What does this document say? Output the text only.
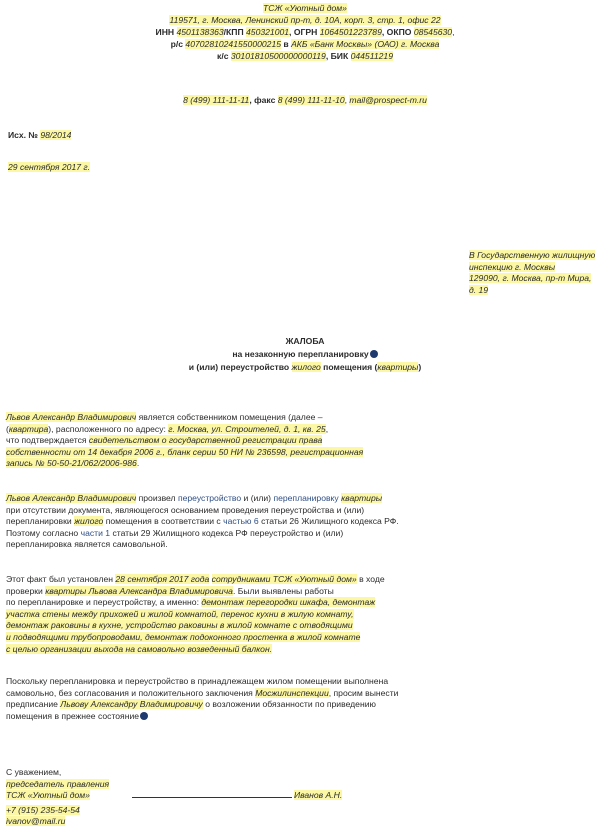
ТСЖ «Уютный дом»
119571, г. Москва, Ленинский пр-т, д. 10А, корп. 3, стр. 1, офис 22
ИНН 4501138363/КПП 450321001, ОГРН 1064501223789, ОКПО 08545630,
р/с 40702810241550000215 в АКБ «Банк Москвы» (ОАО) г. Москва
к/с 30101810500000000119, БИК 044511219
8 (499) 111-11-11, факс 8 (499) 111-11-10, mail@prospect-m.ru
Исх. № 98/2014
29 сентября 2017 г.
В Государственную жилищную
инспекцию г. Москвы
129090, г. Москва, пр-т Мира,
д. 19
ЖАЛОБА
на незаконную перепланировку
и (или) переустройство жилого помещения (квартиры)
Львов Александр Владимирович является собственником помещения (далее –
(квартира), расположенного по адресу: г. Москва, ул. Строителей, д. 1, кв. 25,
что подтверждается свидетельством о государственной регистрации права
собственности от 14 декабря 2006 г., бланк серии 50 НИ № 236598, регистрационная
запись № 50-50-21/062/2006-986.
Львов Александр Владимирович произвел переустройство и (или) перепланировку квартиры
при отсутствии документа, являющегося основанием проведения переустройства и (или)
перепланировки жилого помещения в соответствии с частью 6 статьи 26 Жилищного кодекса РФ.
Поэтому согласно части 1 статьи 29 Жилищного кодекса РФ переустройство и (или)
перепланировка является самовольной.
Этот факт был установлен 28 сентября 2017 года сотрудниками ТСЖ «Уютный дом» в ходе
проверки квартиры Львова Александра Владимировича. Были выявлены работы
по перепланировке и переустройству, а именно: демонтаж перегородки шкафа, демонтаж
участка стены между прихожей и жилой комнатой, перенос кухни в жилую комнату,
демонтаж раковины в кухне, устройство раковины в жилой комнате с отводящими
и подводящими трубопроводами, демонтаж подоконного простенка в жилой комнате
с целью организации выхода на самовольно возведенный балкон.
Поскольку перепланировка и переустройство в принадлежащем жилом помещении выполнена
самовольно, без согласования и положительного заключения Мосжилинспекции, просим вынести
предписание Львову Александру Владимировичу о возложении обязанности по приведению
помещения в прежнее состояние
С уважением,
председатель правления
ТСЖ «Уютный дом»	Иванов А.Н.
+7 (915) 235-54-54
ivanov@mail.ru
